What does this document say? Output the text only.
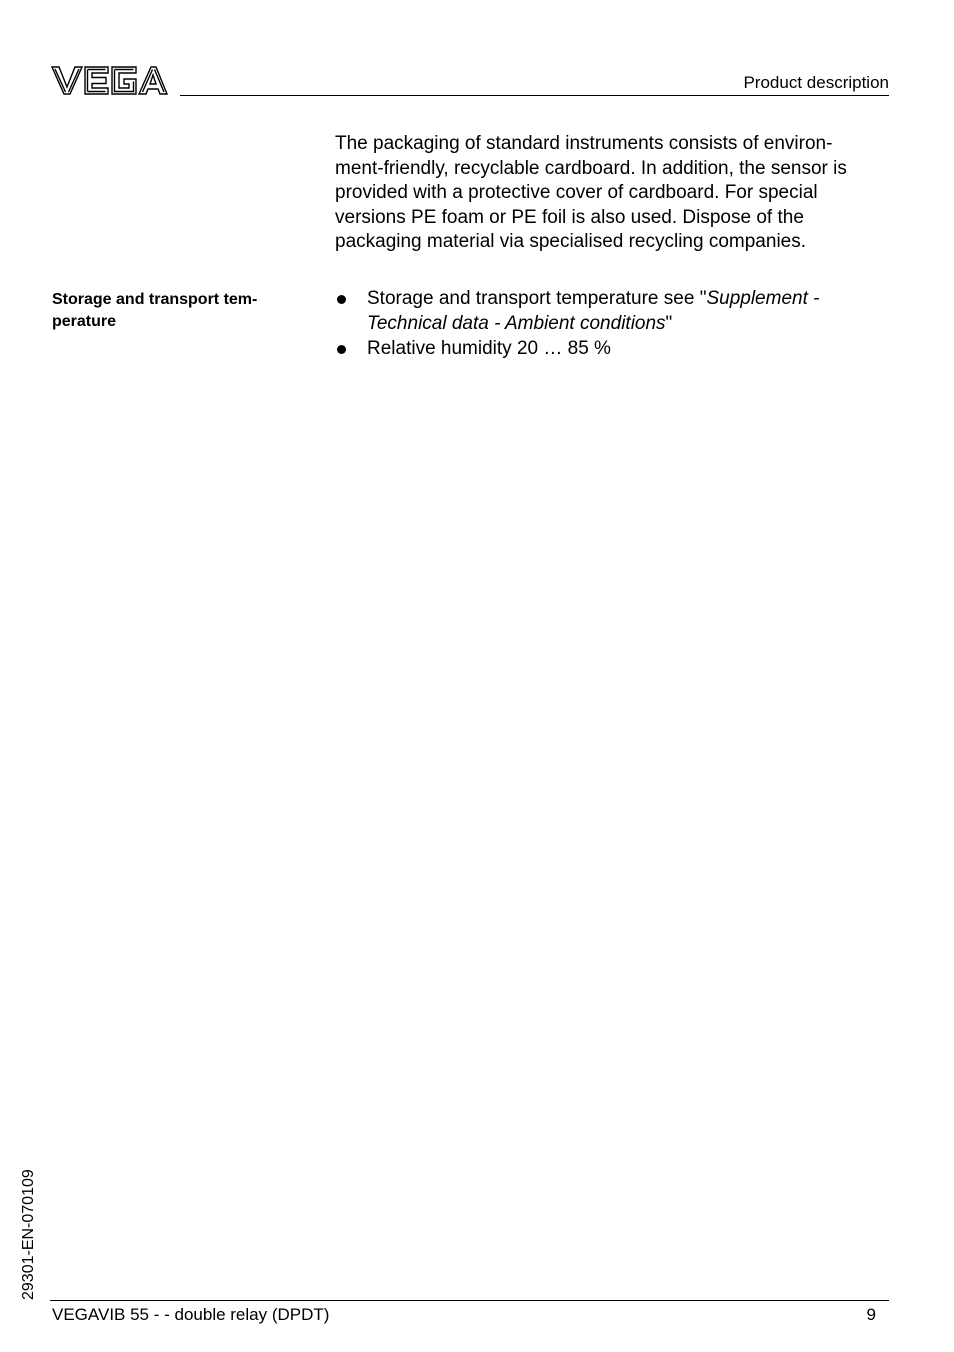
Product description
The packaging of standard instruments consists of environ-
ment-friendly, recyclable cardboard. In addition, the sensor is
provided with a protective cover of cardboard. For special
versions PE foam or PE foil is also used. Dispose of the
packaging material via specialised recycling companies.
Storage and transport tem-
perature
Storage and transport temperature see "Supplement -
Technical data - Ambient conditions"
Relative humidity 20 … 85 %
29301-EN-070109
VEGAVIB 55 - - double relay (DPDT)	9
